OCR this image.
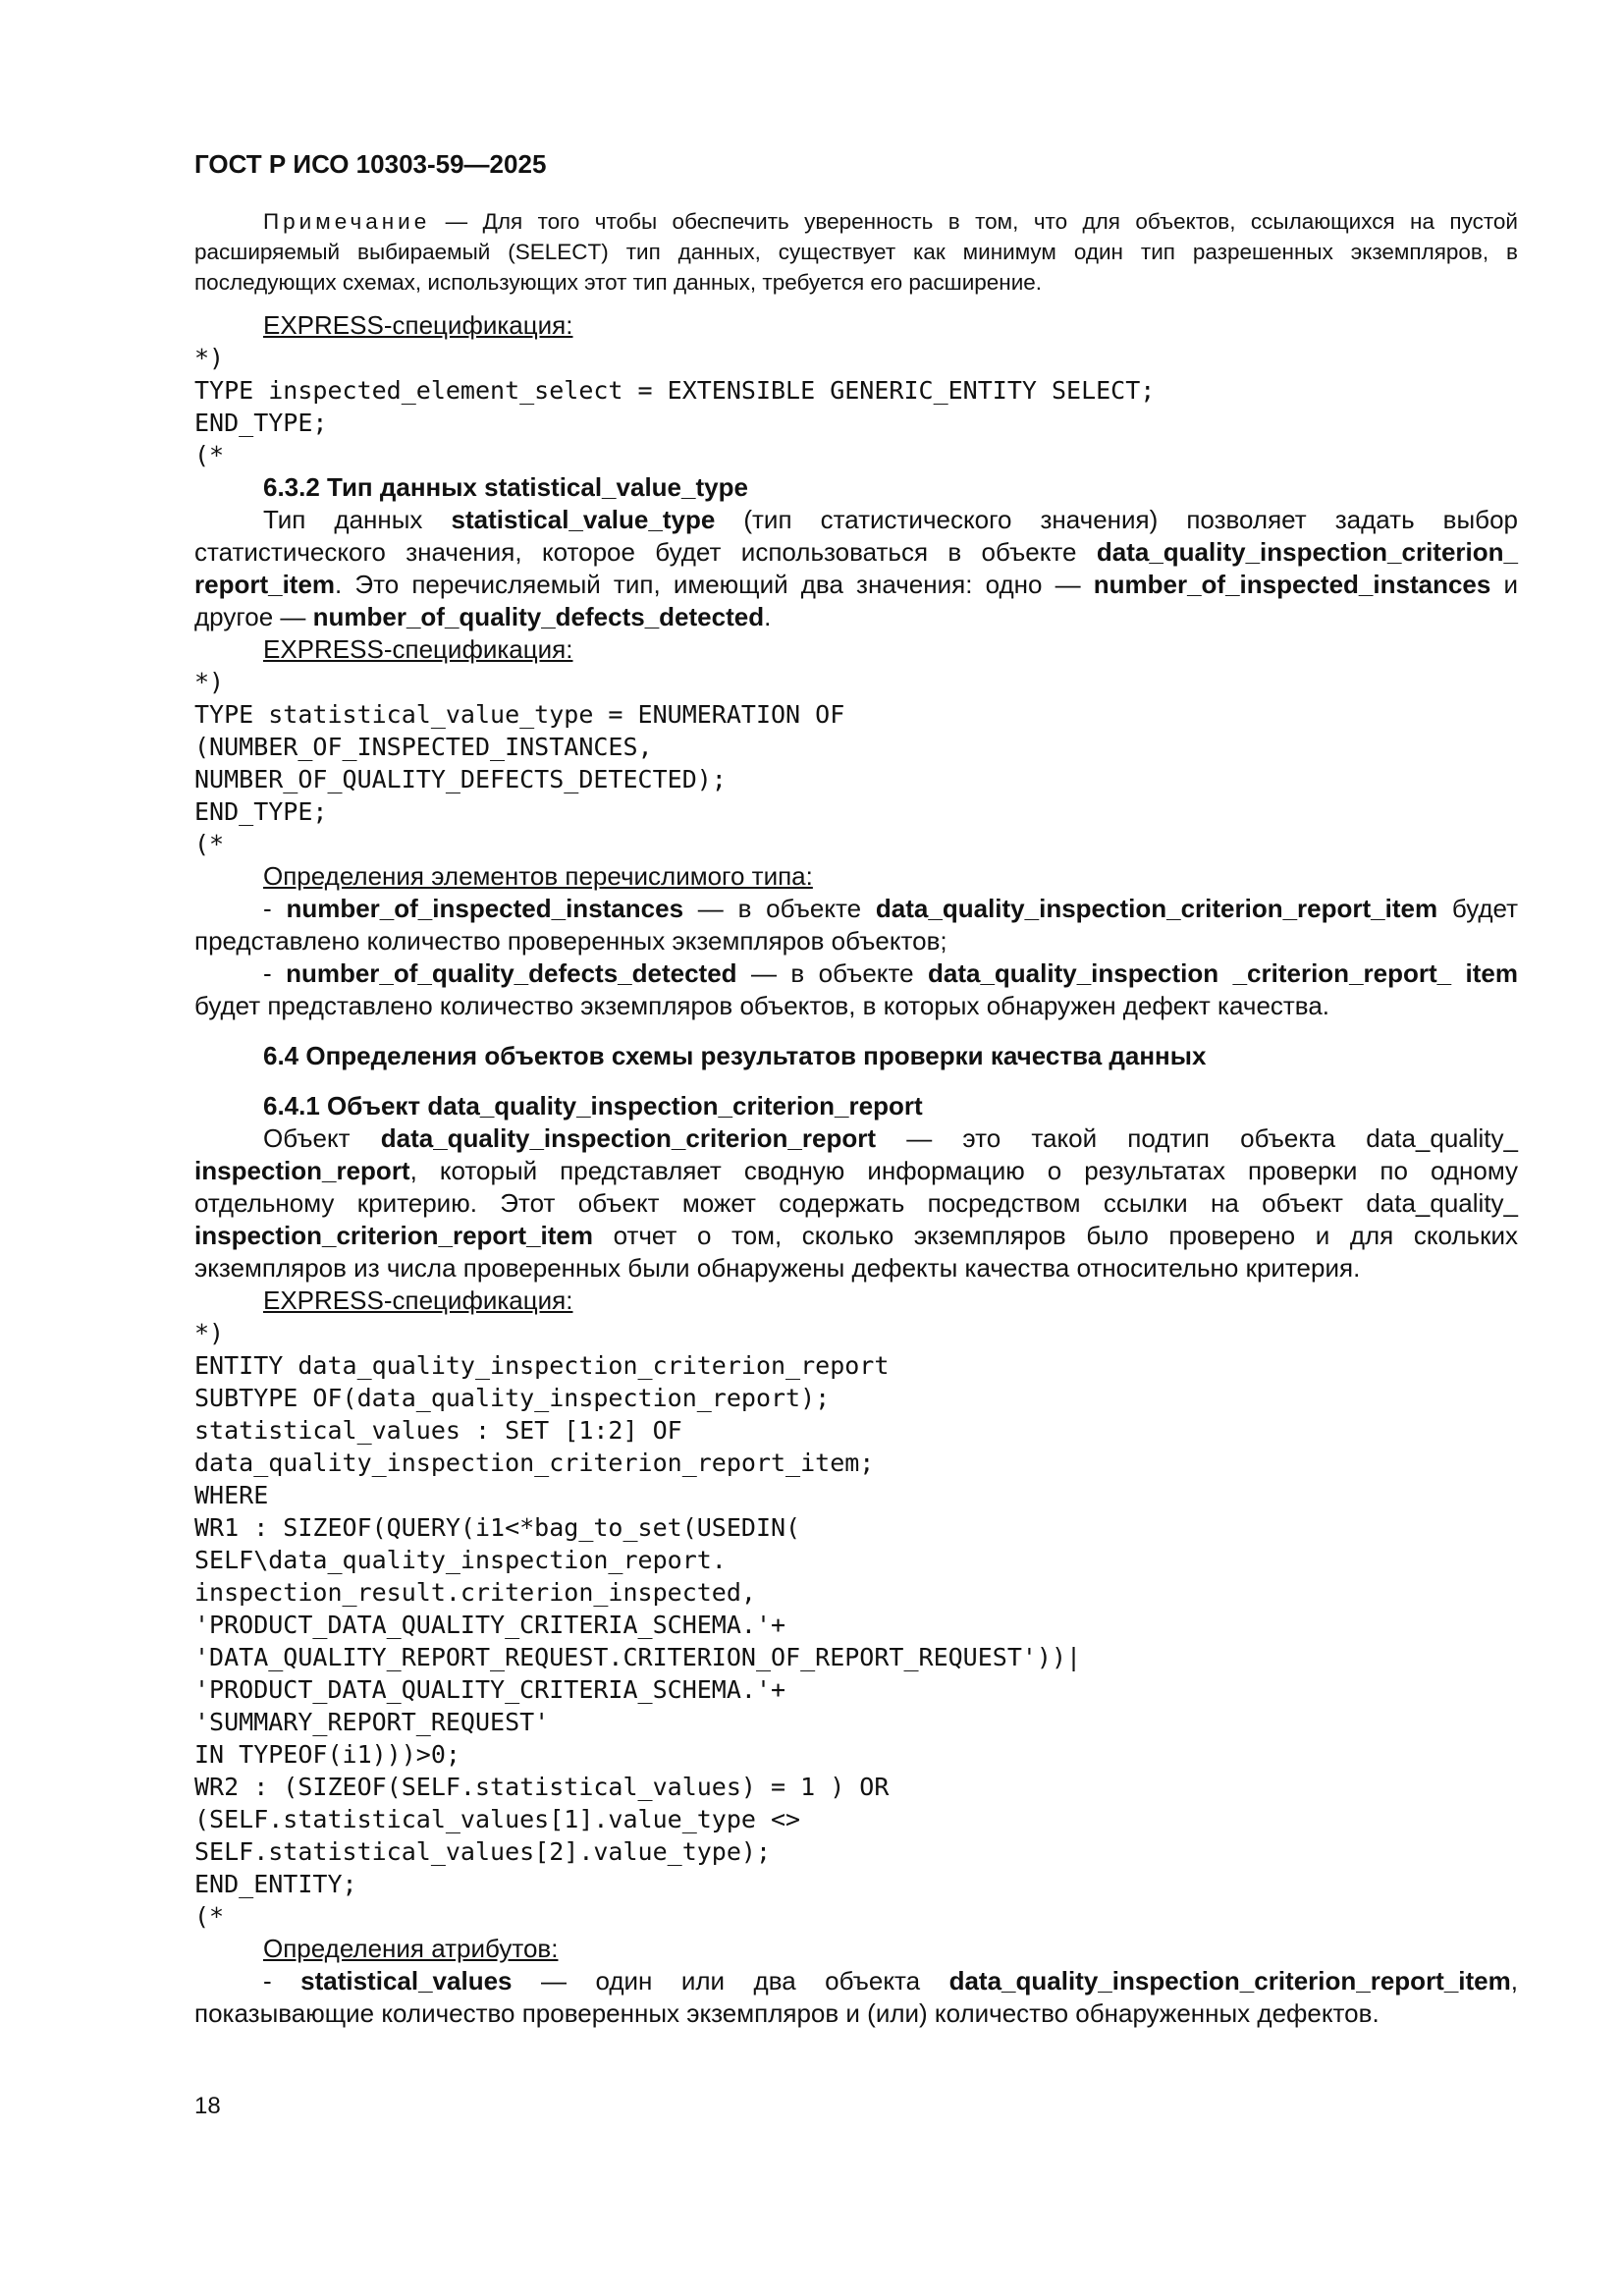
ГОСТ Р ИСО 10303-59—2025

Примечание — Для того чтобы обеспечить уверенность в том, что для объектов, ссылающихся на пустой расширяемый выбираемый (SELECT) тип данных, существует как минимум один тип разрешенных экземпляров, в последующих схемах, использующих этот тип данных, требуется его расширение.

EXPRESS-спецификация:

*)

TYPE inspected_element_select = EXTENSIBLE GENERIC_ENTITY SELECT;

END_TYPE;

(*

6.3.2 Тип данных statistical_value_type

Тип данных statistical_value_type (тип статистического значения) позволяет задать выбор статистического значения, которое будет использоваться в объекте data_quality_inspection_criterion_ report_item. Это перечисляемый тип, имеющий два значения: одно — number_of_inspected_instances и другое — number_of_quality_defects_detected.

EXPRESS-спецификация:

*)

TYPE statistical_value_type = ENUMERATION OF

(NUMBER_OF_INSPECTED_INSTANCES,

NUMBER_OF_QUALITY_DEFECTS_DETECTED);

END_TYPE;

(*

Определения элементов перечислимого типа:

- number_of_inspected_instances — в объекте data_quality_inspection_criterion_report_item будет представлено количество проверенных экземпляров объектов;

- number_of_quality_defects_detected — в объекте data_quality_inspection _criterion_report_ item будет представлено количество экземпляров объектов, в которых обнаружен дефект качества.

6.4 Определения объектов схемы результатов проверки качества данных

6.4.1 Объект data_quality_inspection_criterion_report

Объект data_quality_inspection_criterion_report — это такой подтип объекта data_quality_ inspection_report, который представляет сводную информацию о результатах проверки по одному отдельному критерию. Этот объект может содержать посредством ссылки на объект data_quality_ inspection_criterion_report_item отчет о том, сколько экземпляров было проверено и для скольких экземпляров из числа проверенных были обнаружены дефекты качества относительно критерия.

EXPRESS-спецификация:

*)

ENTITY data_quality_inspection_criterion_report

SUBTYPE OF(data_quality_inspection_report);

statistical_values : SET [1:2] OF

data_quality_inspection_criterion_report_item;

WHERE

WR1 : SIZEOF(QUERY(i1<*bag_to_set(USEDIN(

SELF\data_quality_inspection_report.

inspection_result.criterion_inspected,

'PRODUCT_DATA_QUALITY_CRITERIA_SCHEMA.'+

'DATA_QUALITY_REPORT_REQUEST.CRITERION_OF_REPORT_REQUEST'))|

'PRODUCT_DATA_QUALITY_CRITERIA_SCHEMA.'+

'SUMMARY_REPORT_REQUEST'

IN TYPEOF(i1)))>0;

WR2 : (SIZEOF(SELF.statistical_values) = 1 ) OR

(SELF.statistical_values[1].value_type <>

SELF.statistical_values[2].value_type);

END_ENTITY;

(*

Определения атрибутов:

- statistical_values — один или два объекта data_quality_inspection_criterion_report_item, показывающие количество проверенных экземпляров и (или) количество обнаруженных дефектов.

18
